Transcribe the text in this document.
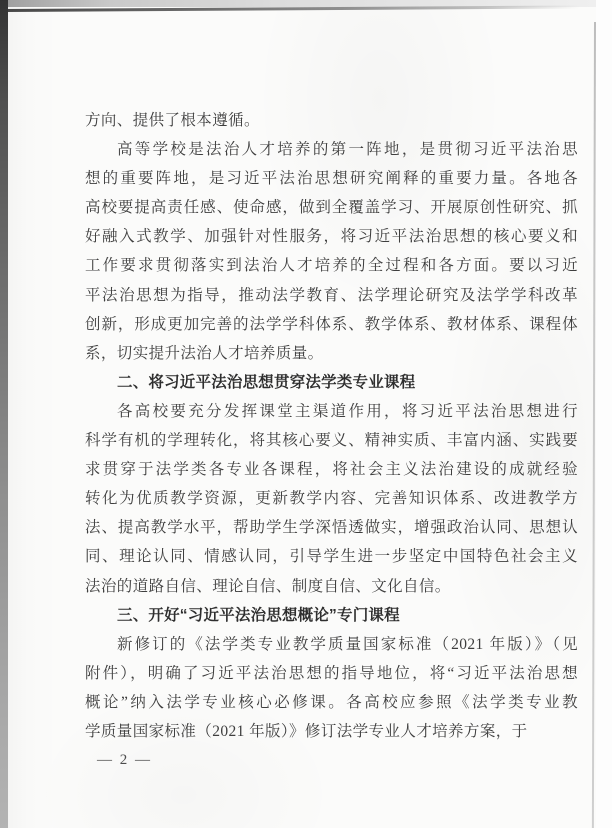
方向、提供了根本遵循。
高等学校是法治人才培养的第一阵地，是贯彻习近平法治思
想的重要阵地，是习近平法治思想研究阐释的重要力量。各地各
高校要提高责任感、使命感，做到全覆盖学习、开展原创性研究、抓
好融入式教学、加强针对性服务，将习近平法治思想的核心要义和
工作要求贯彻落实到法治人才培养的全过程和各方面。要以习近
平法治思想为指导，推动法学教育、法学理论研究及法学学科改革
创新，形成更加完善的法学学科体系、教学体系、教材体系、课程体
系，切实提升法治人才培养质量。
二、将习近平法治思想贯穿法学类专业课程
各高校要充分发挥课堂主渠道作用，将习近平法治思想进行
科学有机的学理转化，将其核心要义、精神实质、丰富内涵、实践要
求贯穿于法学类各专业各课程，将社会主义法治建设的成就经验
转化为优质教学资源，更新教学内容、完善知识体系、改进教学方
法、提高教学水平，帮助学生学深悟透做实，增强政治认同、思想认
同、理论认同、情感认同，引导学生进一步坚定中国特色社会主义
法治的道路自信、理论自信、制度自信、文化自信。
三、开好“习近平法治思想概论”专门课程
新修订的《法学类专业教学质量国家标准（2021 年版）》（见
附件），明确了习近平法治思想的指导地位，将“习近平法治思想
概论”纳入法学专业核心必修课。各高校应参照《法学类专业教
学质量国家标准（2021 年版）》修订法学专业人才培养方案，于
— 2 —
